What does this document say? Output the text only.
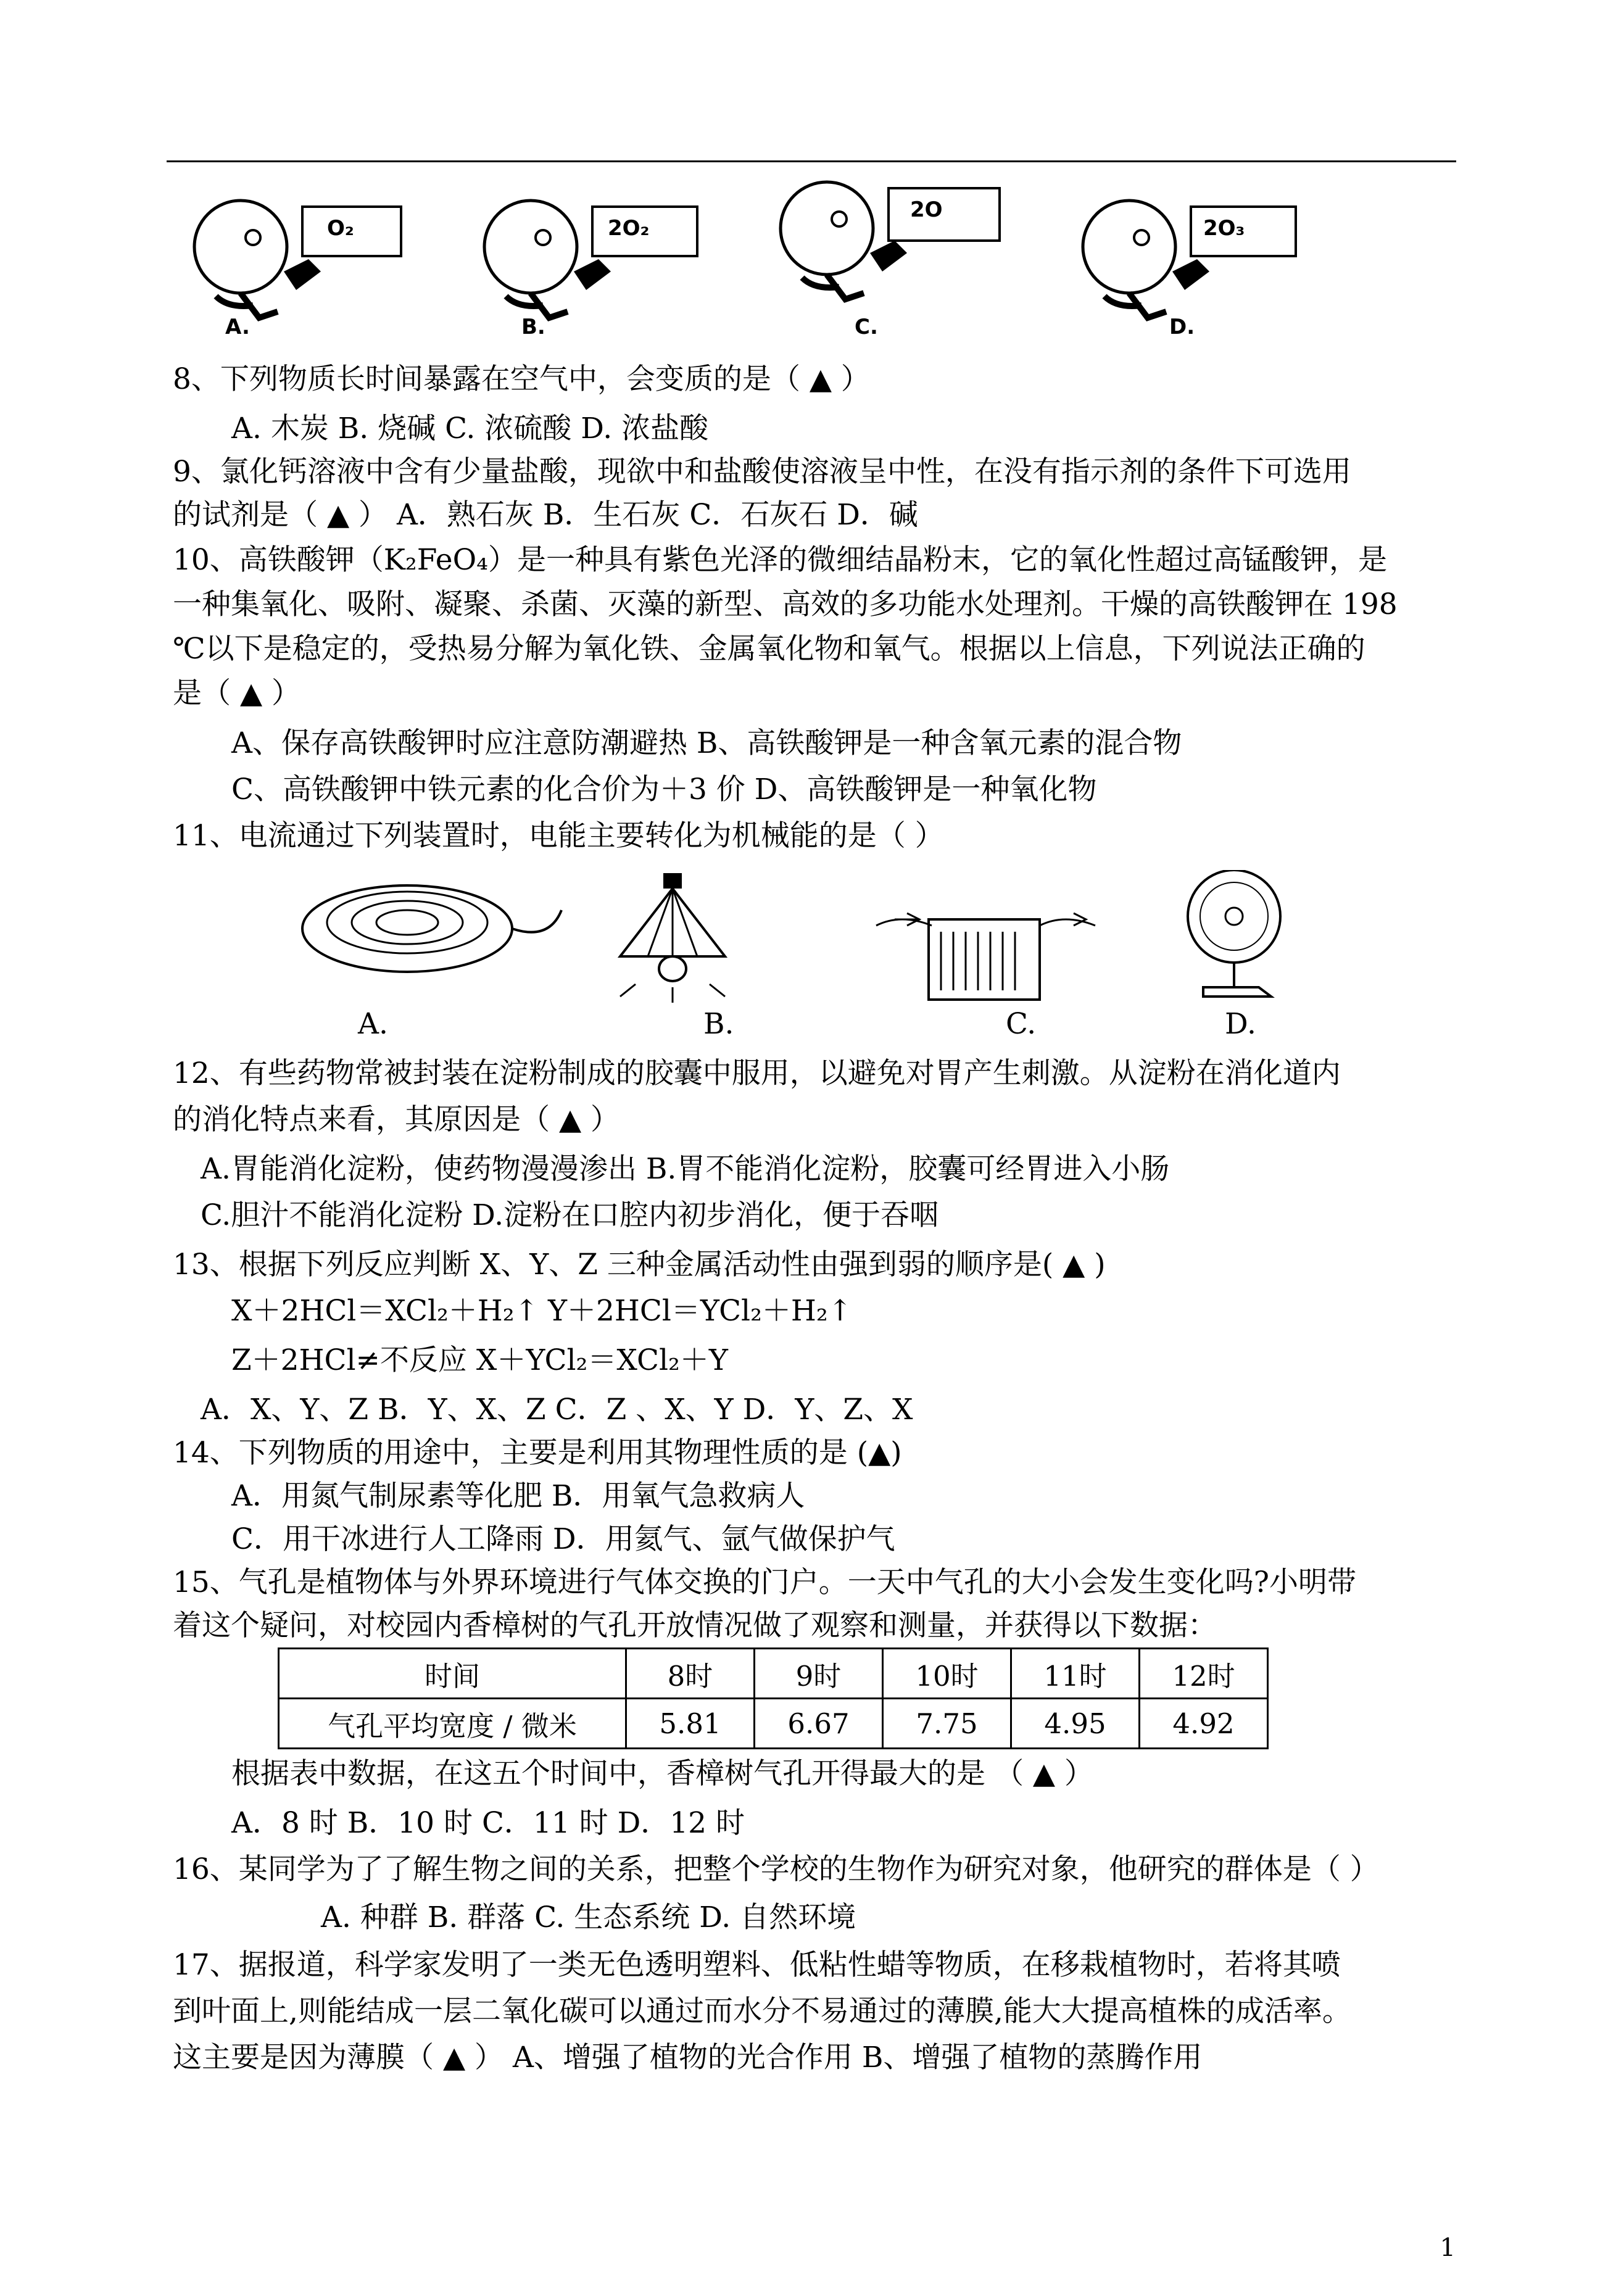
O₂	2O₂
2O
2O₃
A.	B.	C.	D.
8、下列物质长时间暴露在空气中，会变质的是（ ▲ ）
A. 木炭 B. 烧碱 C. 浓硫酸 D. 浓盐酸
9、氯化钙溶液中含有少量盐酸，现欲中和盐酸使溶液呈中性，在没有指示剂的条件下可选用
的试剂是（ ▲ ） A．熟石灰 B．生石灰 C．石灰石 D．碱
10、高铁酸钾（K₂FeO₄）是一种具有紫色光泽的微细结晶粉末，它的氧化性超过高锰酸钾，是
一种集氧化、吸附、凝聚、杀菌、灭藻的新型、高效的多功能水处理剂。干燥的高铁酸钾在 198
℃以下是稳定的，受热易分解为氧化铁、金属氧化物和氧气。根据以上信息，下列说法正确的
是（ ▲ ）
A、保存高铁酸钾时应注意防潮避热 B、高铁酸钾是一种含氧元素的混合物
C、高铁酸钾中铁元素的化合价为＋3 价 D、高铁酸钾是一种氧化物
11、电流通过下列装置时，电能主要转化为机械能的是（ ）
A.	B.	C.	D.
12、有些药物常被封装在淀粉制成的胶囊中服用，以避免对胃产生刺激。从淀粉在消化道内
的消化特点来看，其原因是（ ▲ ）
A.胃能消化淀粉，使药物漫漫渗出 B.胃不能消化淀粉，胶囊可经胃进入小肠
C.胆汁不能消化淀粉 D.淀粉在口腔内初步消化，便于吞咽
13、根据下列反应判断 X、Y、Z 三种金属活动性由强到弱的顺序是( ▲ )
X＋2HCl＝XCl₂＋H₂↑ Y＋2HCl＝YCl₂＋H₂↑
Z＋2HCl≠不反应 X＋YCl₂＝XCl₂＋Y
A．X、Y、Z B．Y、X、Z C．Z 、X、Y D．Y、Z、X
14、下列物质的用途中，主要是利用其物理性质的是 (▲)
A．用氮气制尿素等化肥 B．用氧气急救病人
C．用干冰进行人工降雨 D．用氦气、氩气做保护气
15、气孔是植物体与外界环境进行气体交换的门户。一天中气孔的大小会发生变化吗?小明带
着这个疑问，对校园内香樟树的气孔开放情况做了观察和测量，并获得以下数据：
时间	8时	9时	10时	11时	12时
气孔平均宽度 / 微米	5.81	6.67	7.75	4.95	4.92
根据表中数据，在这五个时间中，香樟树气孔开得最大的是 （ ▲ ）
A．8 时 B．10 时 C．11 时 D．12 时
16、某同学为了了解生物之间的关系，把整个学校的生物作为研究对象，他研究的群体是（ ）
A. 种群 B. 群落 C. 生态系统 D. 自然环境
17、据报道，科学家发明了一类无色透明塑料、低粘性蜡等物质，在移栽植物时，若将其喷
到叶面上,则能结成一层二氧化碳可以通过而水分不易通过的薄膜,能大大提高植株的成活率。
这主要是因为薄膜（ ▲ ） A、增强了植物的光合作用 B、增强了植物的蒸腾作用
1
